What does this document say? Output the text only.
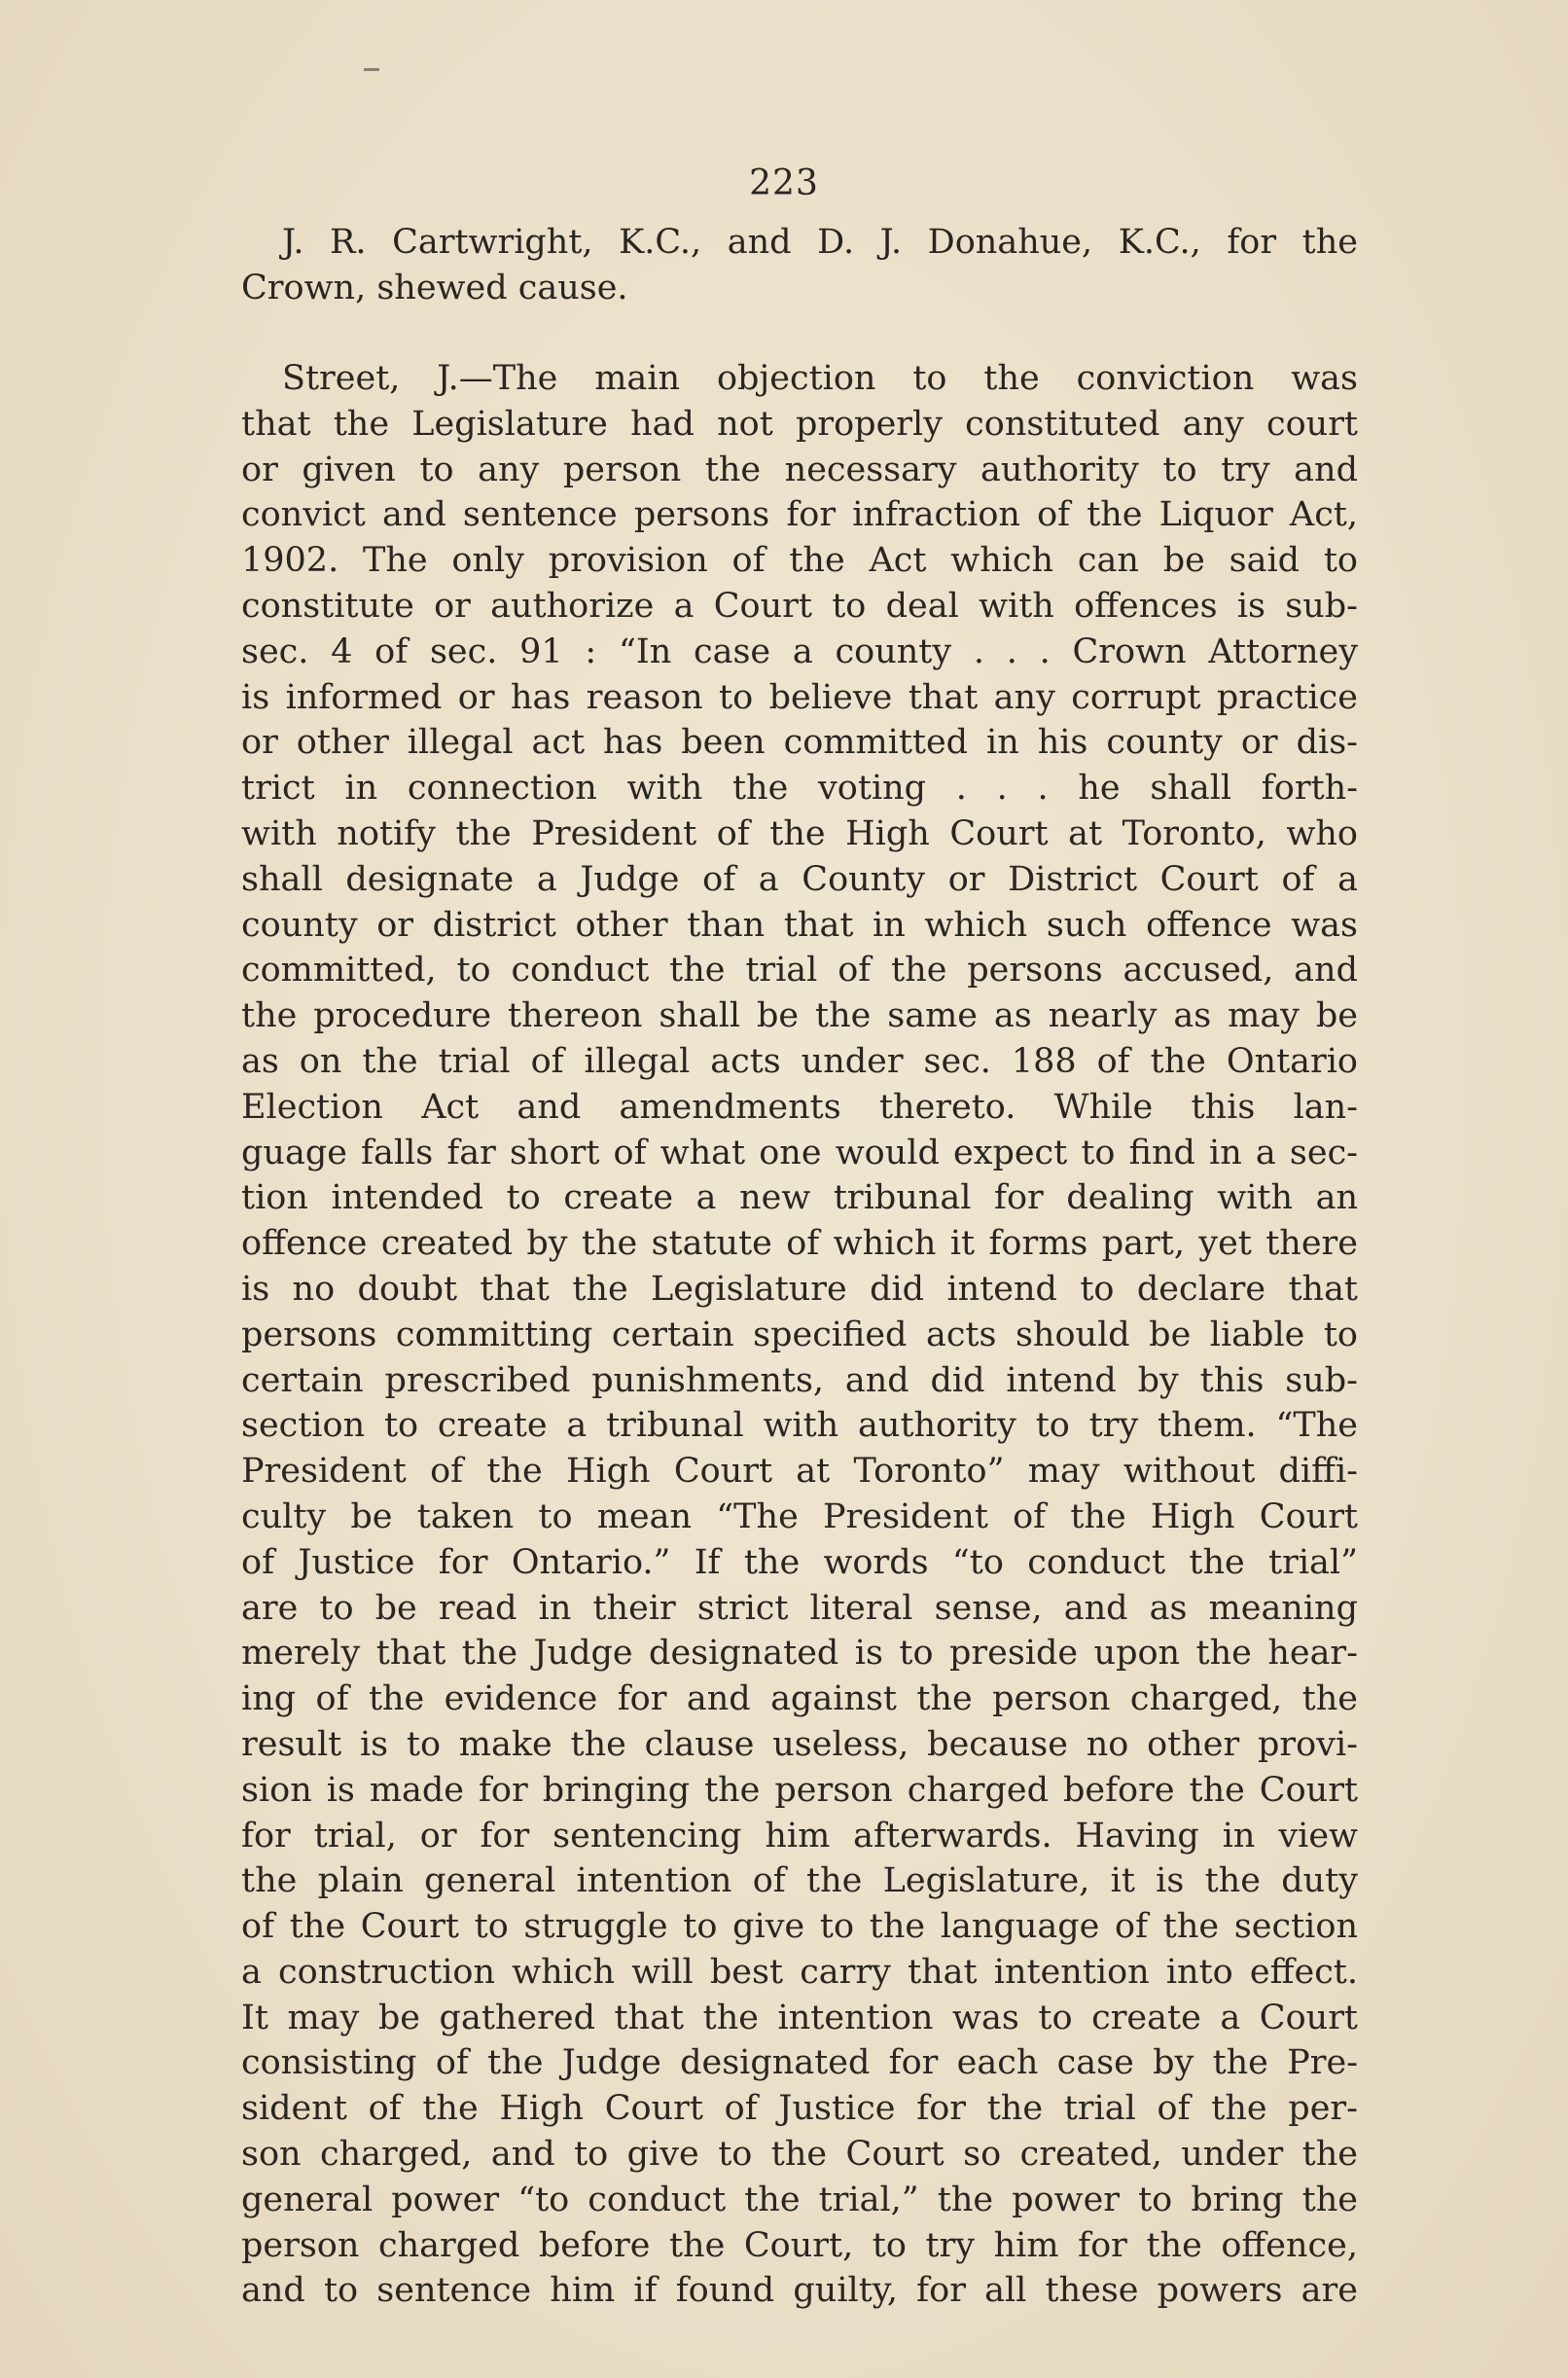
223
J. R. Cartwright, K.C., and D. J. Donahue, K.C., for the
Crown, shewed cause.
Street, J.—The main objection to the conviction was
that the Legislature had not properly constituted any court
or given to any person the necessary authority to try and
convict and sentence persons for infraction of the Liquor Act,
1902. The only provision of the Act which can be said to
constitute or authorize a Court to deal with offences is sub-
sec. 4 of sec. 91 : “In case a county . . . Crown Attorney
is informed or has reason to believe that any corrupt practice
or other illegal act has been committed in his county or dis-
trict in connection with the voting . . . he shall forth-
with notify the President of the High Court at Toronto, who
shall designate a Judge of a County or District Court of a
county or district other than that in which such offence was
committed, to conduct the trial of the persons accused, and
the procedure thereon shall be the same as nearly as may be
as on the trial of illegal acts under sec. 188 of the Ontario
Election Act and amendments thereto. While this lan-
guage falls far short of what one would expect to find in a sec-
tion intended to create a new tribunal for dealing with an
offence created by the statute of which it forms part, yet there
is no doubt that the Legislature did intend to declare that
persons committing certain specified acts should be liable to
certain prescribed punishments, and did intend by this sub-
section to create a tribunal with authority to try them. “The
President of the High Court at Toronto” may without diffi-
culty be taken to mean “The President of the High Court
of Justice for Ontario.” If the words “to conduct the trial”
are to be read in their strict literal sense, and as meaning
merely that the Judge designated is to preside upon the hear-
ing of the evidence for and against the person charged, the
result is to make the clause useless, because no other provi-
sion is made for bringing the person charged before the Court
for trial, or for sentencing him afterwards. Having in view
the plain general intention of the Legislature, it is the duty
of the Court to struggle to give to the language of the section
a construction which will best carry that intention into effect.
It may be gathered that the intention was to create a Court
consisting of the Judge designated for each case by the Pre-
sident of the High Court of Justice for the trial of the per-
son charged, and to give to the Court so created, under the
general power “to conduct the trial,” the power to bring the
person charged before the Court, to try him for the offence,
and to sentence him if found guilty, for all these powers are
